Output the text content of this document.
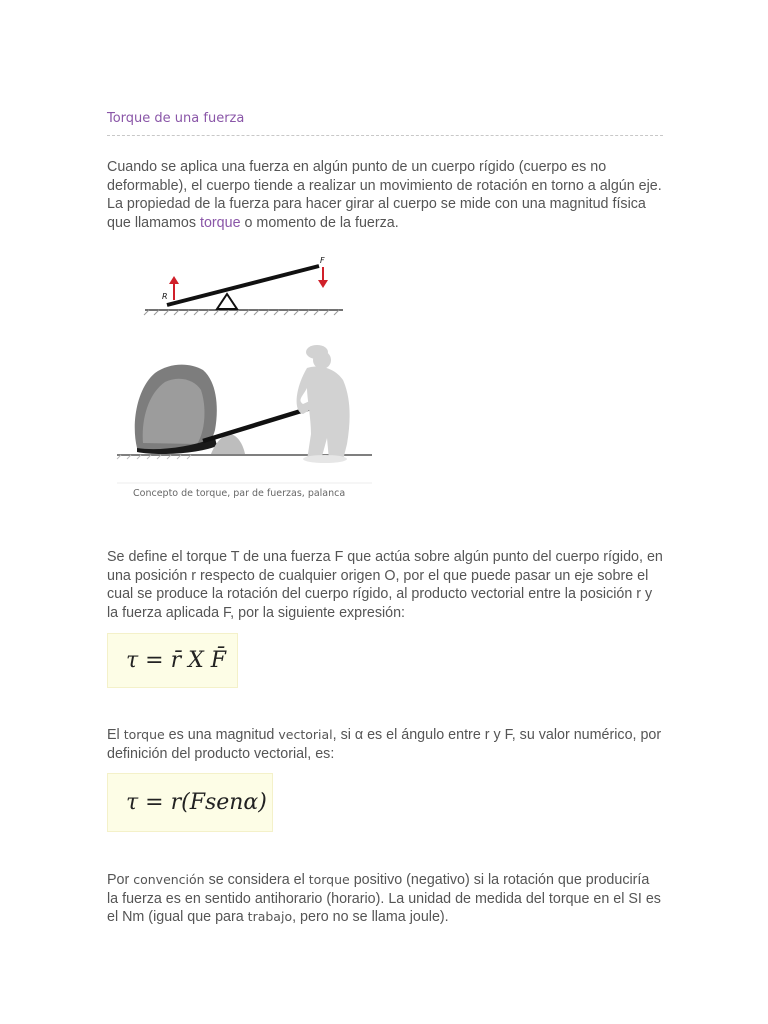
Torque de una fuerza

Cuando se aplica una fuerza en algún punto de un cuerpo rígido (cuerpo es no deformable), el cuerpo tiende a realizar un movimiento de rotación en torno a algún eje. La propiedad de la fuerza para hacer girar al cuerpo se mide con una magnitud física que llamamos torque o momento de la fuerza.

R
F
Concepto de torque, par de fuerzas, palanca

Se define el torque T de una fuerza F que actúa sobre algún punto del cuerpo rígido, en una posición r respecto de cualquier origen O, por el que puede pasar un eje sobre el cual se produce la rotación del cuerpo rígido, al producto vectorial entre la posición r y la fuerza aplicada F, por la siguiente expresión:

τ = r̄ X F̄

El torque es una magnitud vectorial, si α es el ángulo entre r y F, su valor numérico, por definición del producto vectorial, es:

τ = r(Fsenα)

Por convención se considera el torque positivo (negativo) si la rotación que produciría la fuerza es en sentido antihorario (horario). La unidad de medida del torque en el SI es el Nm (igual que para trabajo, pero no se llama joule).
